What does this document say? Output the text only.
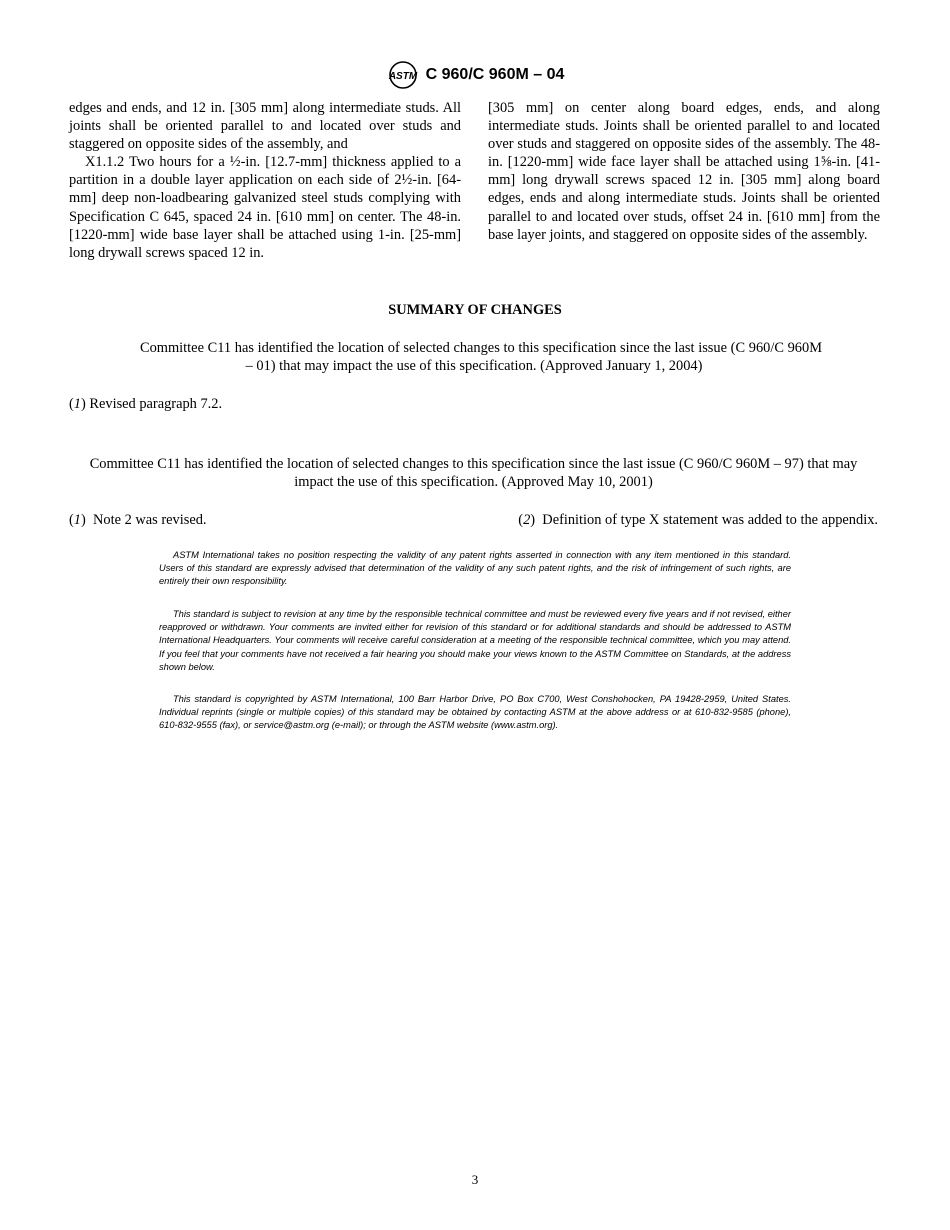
ASTM C 960/C 960M – 04

edges and ends, and 12 in. [305 mm] along intermediate studs. All joints shall be oriented parallel to and located over studs and staggered on opposite sides of the assembly, and

X1.1.2 Two hours for a ½-in. [12.7-mm] thickness applied to a partition in a double layer application on each side of 2½-in. [64-mm] deep non-loadbearing galvanized steel studs complying with Specification C 645, spaced 24 in. [610 mm] on center. The 48-in. [1220-mm] wide base layer shall be attached using 1-in. [25-mm] long drywall screws spaced 12 in.

[305 mm] on center along board edges, ends, and along intermediate studs. Joints shall be oriented parallel to and located over studs and staggered on opposite sides of the assembly. The 48-in. [1220-mm] wide face layer shall be attached using 1⅝-in. [41-mm] long drywall screws spaced 12 in. [305 mm] along board edges, ends and along intermediate studs. Joints shall be oriented parallel to and located over studs, offset 24 in. [610 mm] from the base layer joints, and staggered on opposite sides of the assembly.

SUMMARY OF CHANGES
Committee C11 has identified the location of selected changes to this specification since the last issue (C 960/C 960M – 01) that may impact the use of this specification. (Approved January 1, 2004)
(1) Revised paragraph 7.2.
Committee C11 has identified the location of selected changes to this specification since the last issue (C 960/C 960M – 97) that may impact the use of this specification. (Approved May 10, 2001)
(1)  Note 2 was revised.	(2)  Definition of type X statement was added to the appendix.
ASTM International takes no position respecting the validity of any patent rights asserted in connection with any item mentioned in this standard. Users of this standard are expressly advised that determination of the validity of any such patent rights, and the risk of infringement of such rights, are entirely their own responsibility.
This standard is subject to revision at any time by the responsible technical committee and must be reviewed every five years and if not revised, either reapproved or withdrawn. Your comments are invited either for revision of this standard or for additional standards and should be addressed to ASTM International Headquarters. Your comments will receive careful consideration at a meeting of the responsible technical committee, which you may attend. If you feel that your comments have not received a fair hearing you should make your views known to the ASTM Committee on Standards, at the address shown below.
This standard is copyrighted by ASTM International, 100 Barr Harbor Drive, PO Box C700, West Conshohocken, PA 19428-2959, United States. Individual reprints (single or multiple copies) of this standard may be obtained by contacting ASTM at the above address or at 610-832-9585 (phone), 610-832-9555 (fax), or service@astm.org (e-mail); or through the ASTM website (www.astm.org).
3
